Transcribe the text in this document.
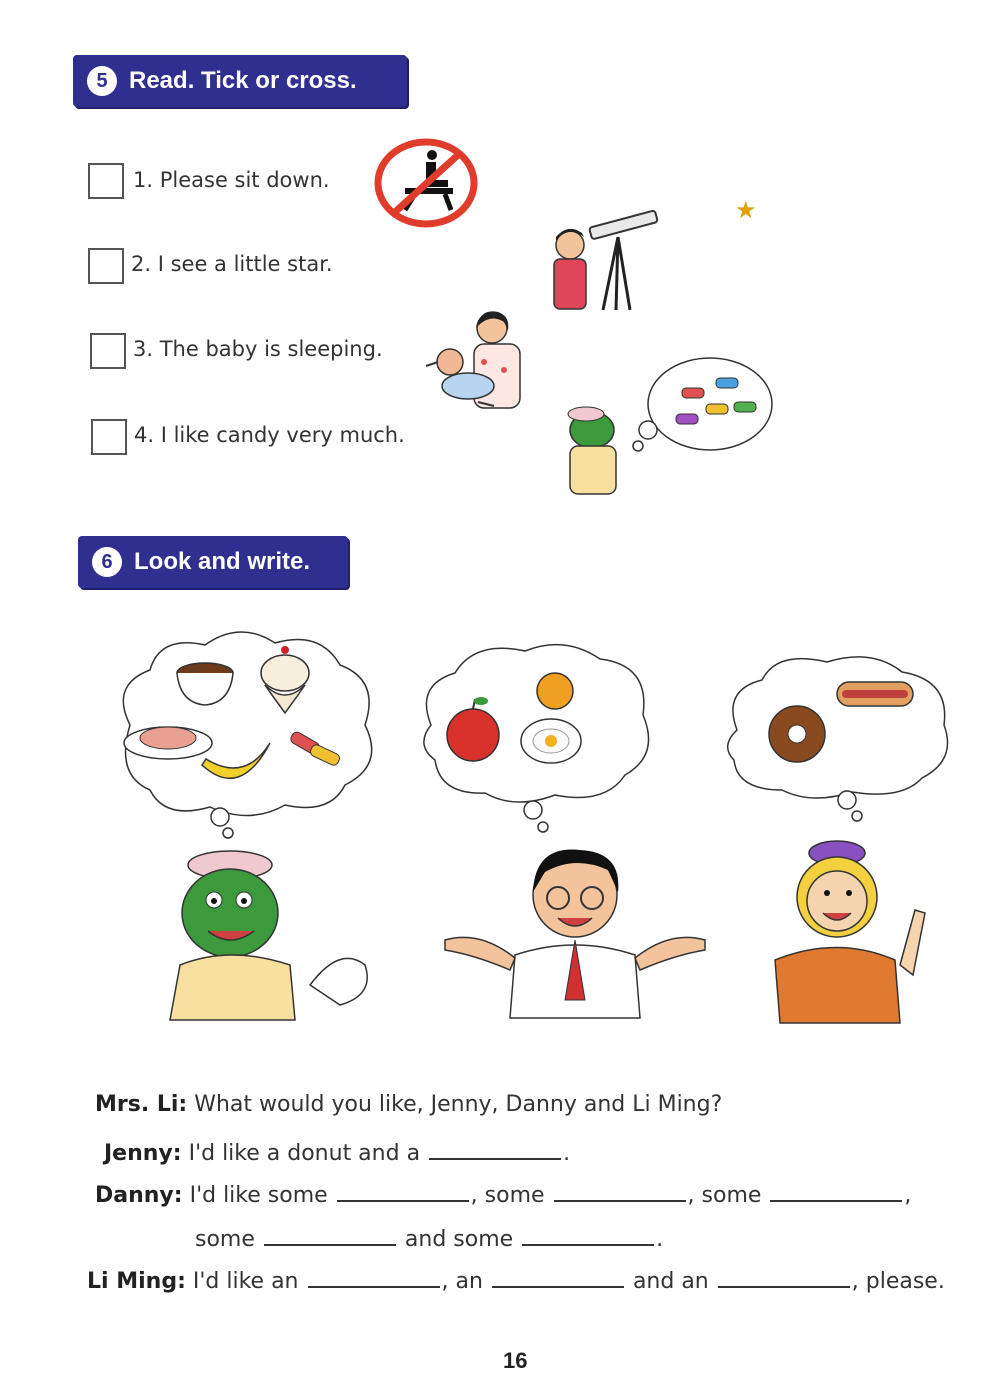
5 Read. Tick or cross.
1. Please sit down.
2. I see a little star.
3. The baby is sleeping.
4. I like candy very much.
★
6 Look and write.
Mrs. Li: What would you like, Jenny, Danny and Li Ming?
Jenny: I'd like a donut and a	.
Danny: I'd like some	, some	, some	,
some	and some	.
Li Ming: I'd like an	, an	and an	, please.
16
